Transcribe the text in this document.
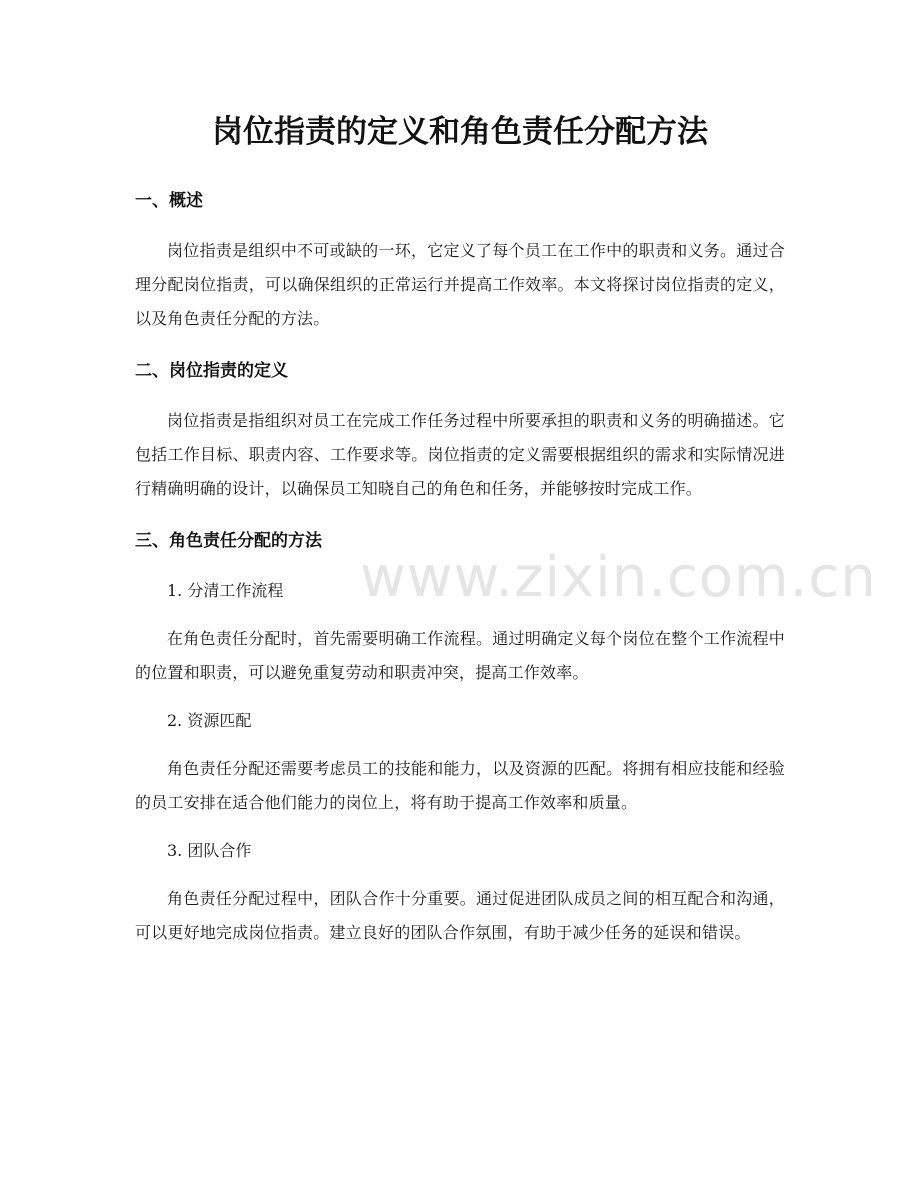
岗位指责的定义和角色责任分配方法
一、概述

岗位指责是组织中不可或缺的一环，它定义了每个员工在工作中的职责和义务。通过合理分配岗位指责，可以确保组织的正常运行并提高工作效率。本文将探讨岗位指责的定义，以及角色责任分配的方法。

二、岗位指责的定义

岗位指责是指组织对员工在完成工作任务过程中所要承担的职责和义务的明确描述。它包括工作目标、职责内容、工作要求等。岗位指责的定义需要根据组织的需求和实际情况进行精确明确的设计，以确保员工知晓自己的角色和任务，并能够按时完成工作。

三、角色责任分配的方法

1. 分清工作流程

在角色责任分配时，首先需要明确工作流程。通过明确定义每个岗位在整个工作流程中的位置和职责，可以避免重复劳动和职责冲突，提高工作效率。

2. 资源匹配

角色责任分配还需要考虑员工的技能和能力，以及资源的匹配。将拥有相应技能和经验的员工安排在适合他们能力的岗位上，将有助于提高工作效率和质量。

3. 团队合作

角色责任分配过程中，团队合作十分重要。通过促进团队成员之间的相互配合和沟通，可以更好地完成岗位指责。建立良好的团队合作氛围，有助于减少任务的延误和错误。

www.zixin.com.cn
